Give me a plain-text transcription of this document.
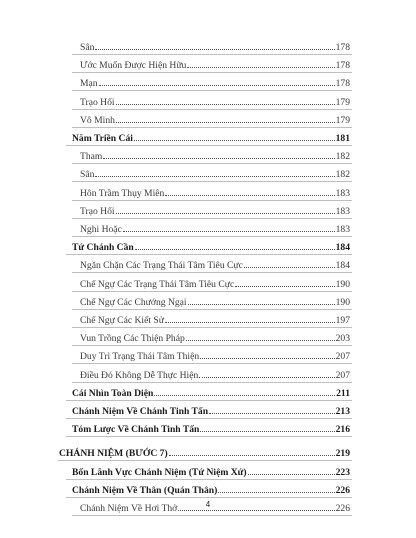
Sân	178
Ước Muốn Được Hiện Hữu	178
Mạn	178
Trạo Hối	179
Vô Minh	179
Năm Triền Cái	181
Tham	182
Sân	182
Hôn Trầm Thụy Miên	183
Trạo Hối	183
Nghi Hoặc	183
Tứ Chánh Cần	184
Ngăn Chặn Các Trạng Thái Tâm Tiêu Cực	184
Chế Ngự Các Trạng Thái Tâm Tiêu Cực	190
Chế Ngự Các Chướng Ngại	190
Chế Ngự Các Kiết Sử	197
Vun Trồng Các Thiện Pháp	203
Duy Trì Trạng Thái Tâm Thiện	207
Điều Đó Không Dễ Thực Hiện.	207
Cái Nhìn Toàn Diện	211
Chánh Niệm Về Chánh Tinh Tấn	213
Tóm Lược Về Chánh Tinh Tấn	216
CHÁNH NIỆM (BƯỚC 7)	219
Bốn Lãnh Vực Chánh Niệm (Tứ Niệm Xứ)	223
Chánh Niệm Về Thân (Quán Thân)	226
Chánh Niệm Về Hơi Thở	226
4
